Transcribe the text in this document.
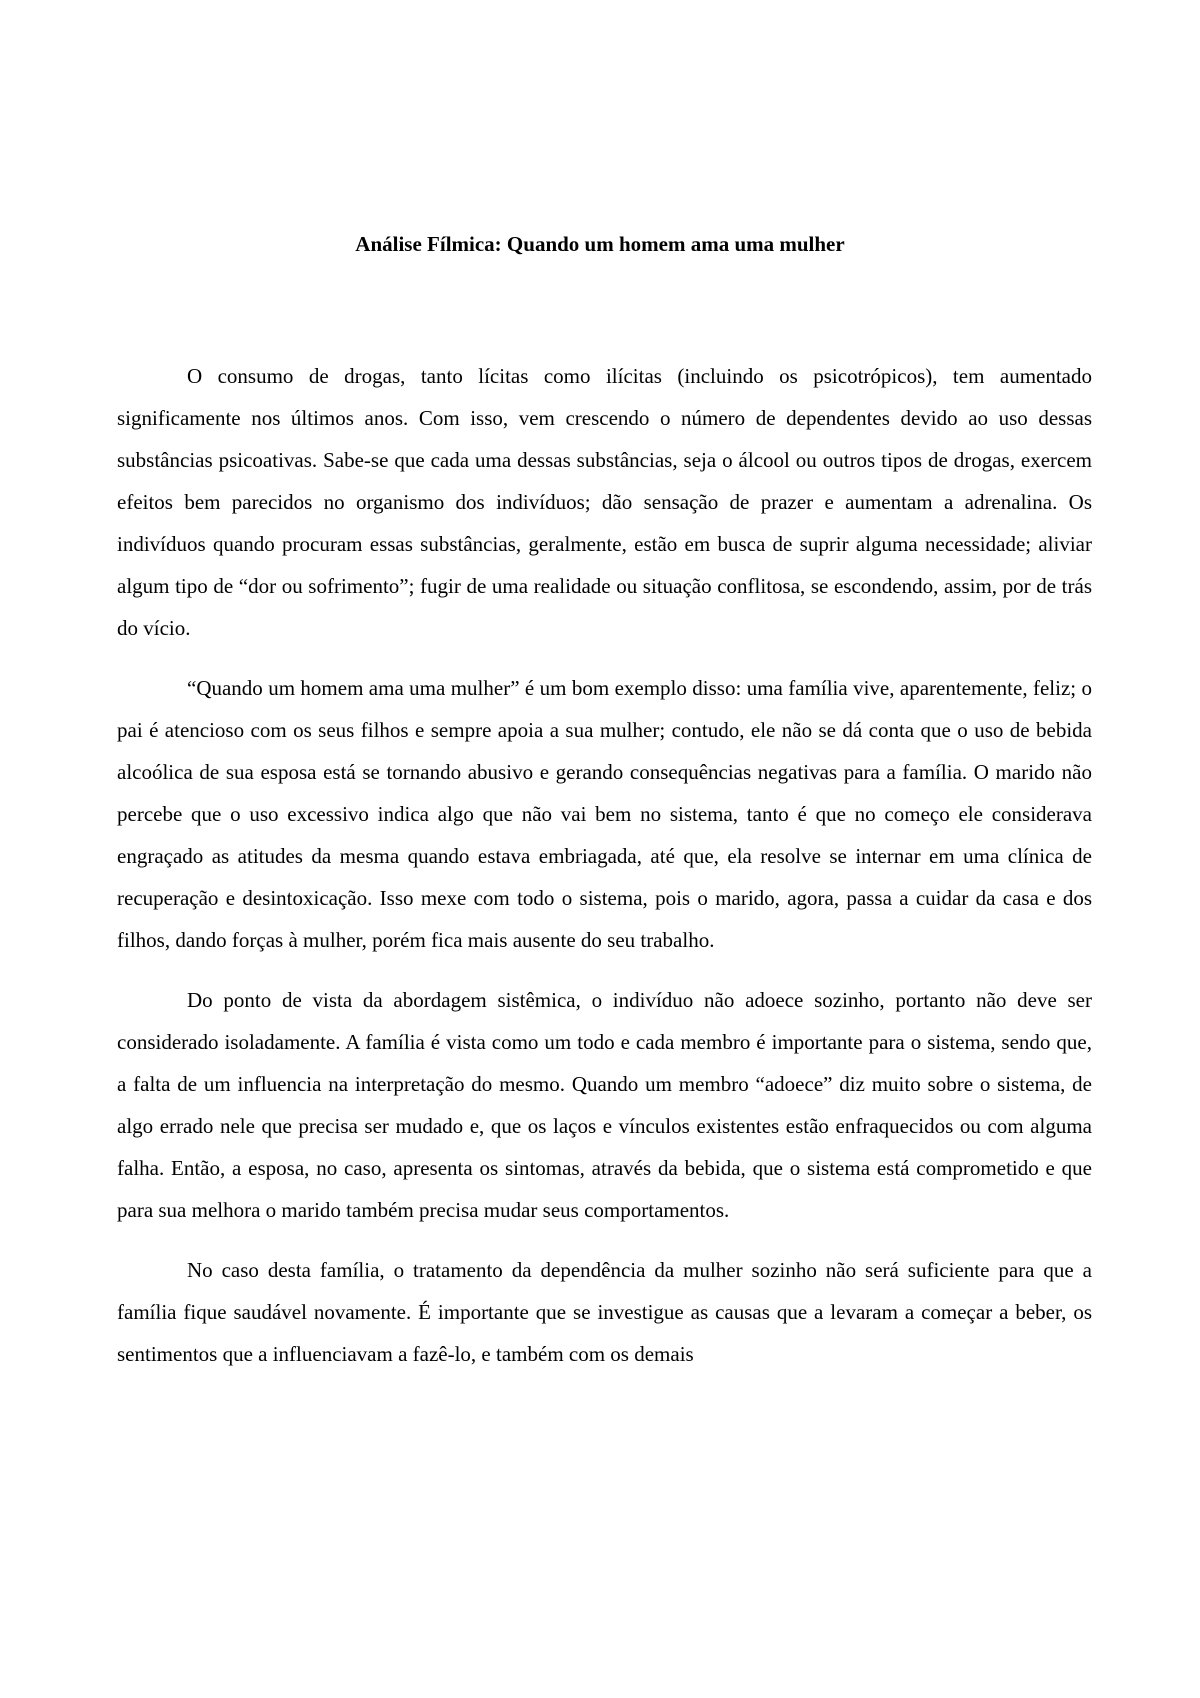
Análise Fílmica: Quando um homem ama uma mulher

O consumo de drogas, tanto lícitas como ilícitas (incluindo os psicotrópicos), tem aumentado significamente nos últimos anos. Com isso, vem crescendo o número de dependentes devido ao uso dessas substâncias psicoativas. Sabe-se que cada uma dessas substâncias, seja o álcool ou outros tipos de drogas, exercem efeitos bem parecidos no organismo dos indivíduos; dão sensação de prazer e aumentam a adrenalina. Os indivíduos quando procuram essas substâncias, geralmente, estão em busca de suprir alguma necessidade; aliviar algum tipo de “dor ou sofrimento”; fugir de uma realidade ou situação conflitosa, se escondendo, assim, por de trás do vício.

“Quando um homem ama uma mulher” é um bom exemplo disso: uma família vive, aparentemente, feliz; o pai é atencioso com os seus filhos e sempre apoia a sua mulher; contudo, ele não se dá conta que o uso de bebida alcoólica de sua esposa está se tornando abusivo e gerando consequências negativas para a família. O marido não percebe que o uso excessivo indica algo que não vai bem no sistema, tanto é que no começo ele considerava engraçado as atitudes da mesma quando estava embriagada, até que, ela resolve se internar em uma clínica de recuperação e desintoxicação. Isso mexe com todo o sistema, pois o marido, agora, passa a cuidar da casa e dos filhos, dando forças à mulher, porém fica mais ausente do seu trabalho.

Do ponto de vista da abordagem sistêmica, o indivíduo não adoece sozinho, portanto não deve ser considerado isoladamente. A família é vista como um todo e cada membro é importante para o sistema, sendo que, a falta de um influencia na interpretação do mesmo. Quando um membro “adoece” diz muito sobre o sistema, de algo errado nele que precisa ser mudado e, que os laços e vínculos existentes estão enfraquecidos ou com alguma falha. Então, a esposa, no caso, apresenta os sintomas, através da bebida, que o sistema está comprometido e que para sua melhora o marido também precisa mudar seus comportamentos.

No caso desta família, o tratamento da dependência da mulher sozinho não será suficiente para que a família fique saudável novamente. É importante que se investigue as causas que a levaram a começar a beber, os sentimentos que a influenciavam a fazê-lo, e também com os demais
